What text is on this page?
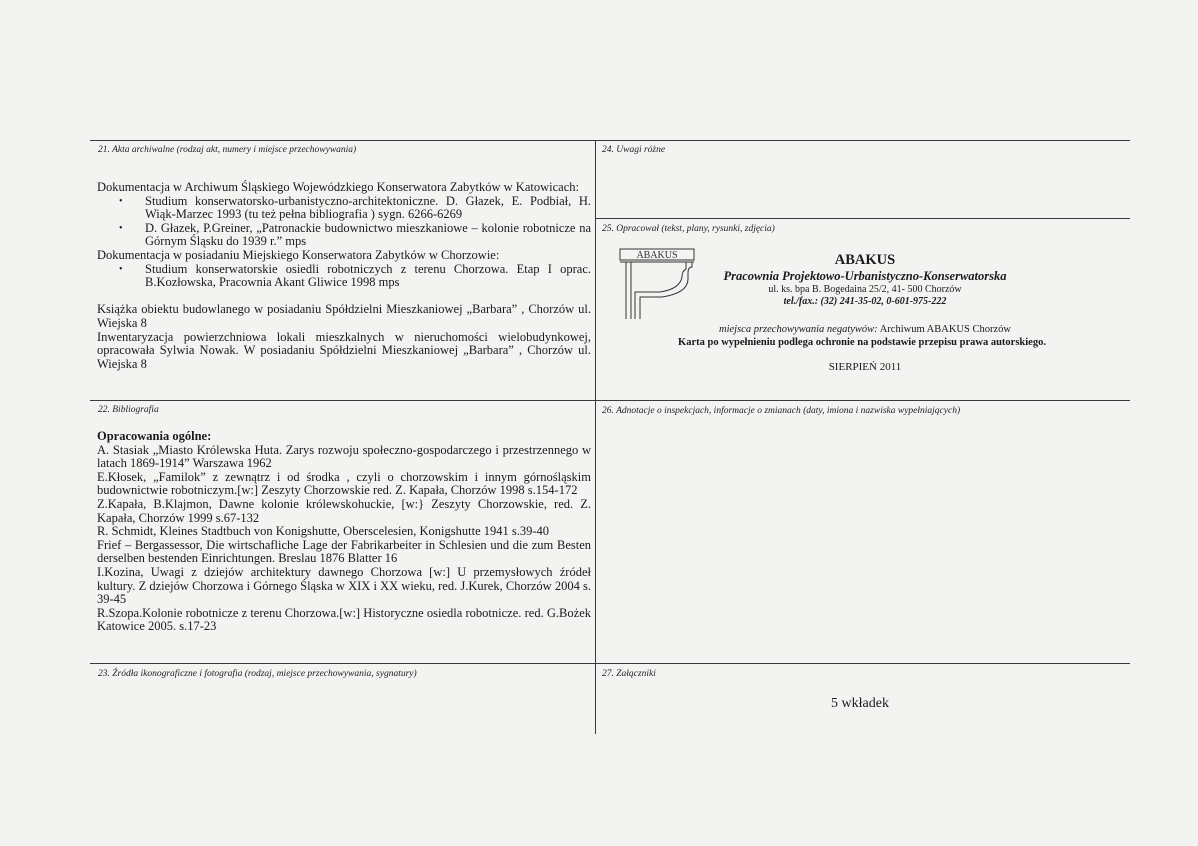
21. Akta archiwalne (rodzaj akt, numery i miejsce przechowywania)
Dokumentacja w Archiwum Śląskiego Wojewódzkiego Konserwatora Zabytków w Katowicach:
• Studium konserwatorsko-urbanistyczno-architektoniczne. D. Głazek, E. Podbiał, H. Wiąk-Marzec 1993 (tu też pełna bibliografia ) sygn. 6266-6269
• D. Głazek, P.Greiner, „Patronackie budownictwo mieszkaniowe – kolonie robotnicze na Górnym Śląsku do 1939 r.” mps
Dokumentacja w posiadaniu Miejskiego Konserwatora Zabytków w Chorzowie:
• Studium konserwatorskie osiedli robotniczych z terenu Chorzowa. Etap I oprac. B.Kozłowska, Pracownia Akant Gliwice 1998 mps
Książka obiektu budowlanego w posiadaniu Spółdzielni Mieszkaniowej „Barbara” , Chorzów ul. Wiejska 8
Inwentaryzacja powierzchniowa lokali mieszkalnych w nieruchomości wielobudynkowej, opracowała Sylwia Nowak. W posiadaniu Spółdzielni Mieszkaniowej „Barbara” , Chorzów ul. Wiejska 8
22. Bibliografia
Opracowania ogólne:
A. Stasiak „Miasto Królewska Huta. Zarys rozwoju społeczno-gospodarczego i przestrzennego w latach 1869-1914” Warszawa 1962
E.Kłosek, „Familok” z zewnątrz i od środka , czyli o chorzowskim i innym górnośląskim budownictwie robotniczym.[w:] Zeszyty Chorzowskie red. Z. Kapała, Chorzów 1998 s.154-172
Z.Kapała, B.Klajmon, Dawne kolonie królewskohuckie, [w:} Zeszyty Chorzowskie, red. Z. Kapała, Chorzów 1999 s.67-132
R. Schmidt, Kleines Stadtbuch von Konigshutte, Oberscelesien, Konigshutte 1941 s.39-40
Frief – Bergassessor, Die wirtschafliche Lage der Fabrikarbeiter in Schlesien und die zum Besten derselben bestenden Einrichtungen. Breslau 1876 Blatter 16
I.Kozina, Uwagi z dziejów architektury dawnego Chorzowa [w:] U przemysłowych źródeł kultury. Z dziejów Chorzowa i Górnego Śląska w XIX i XX wieku, red. J.Kurek, Chorzów 2004 s. 39-45
R.Szopa.Kolonie robotnicze z terenu Chorzowa.[w:] Historyczne osiedla robotnicze. red. G.Bożek Katowice 2005. s.17-23
23. Źródła ikonograficzne i fotografia (rodzaj, miejsce przechowywania, sygnatury)
24. Uwagi różne
25. Opracował (tekst, plany, rysunki, zdjęcia)
ABAKUS	ABAKUS
Pracownia Projektowo-Urbanistyczno-Konserwatorska
ul. ks. bpa B. Bogedaina 25/2, 41- 500 Chorzów
tel./fax.: (32) 241-35-02, 0-601-975-222
miejsca przechowywania negatywów: Archiwum ABAKUS Chorzów
Karta po wypełnieniu podlega ochronie na podstawie przepisu prawa autorskiego.
SIERPIEŃ 2011
26. Adnotacje o inspekcjach, informacje o zmianach (daty, imiona i nazwiska wypełniających)
27. Załączniki
5 wkładek
